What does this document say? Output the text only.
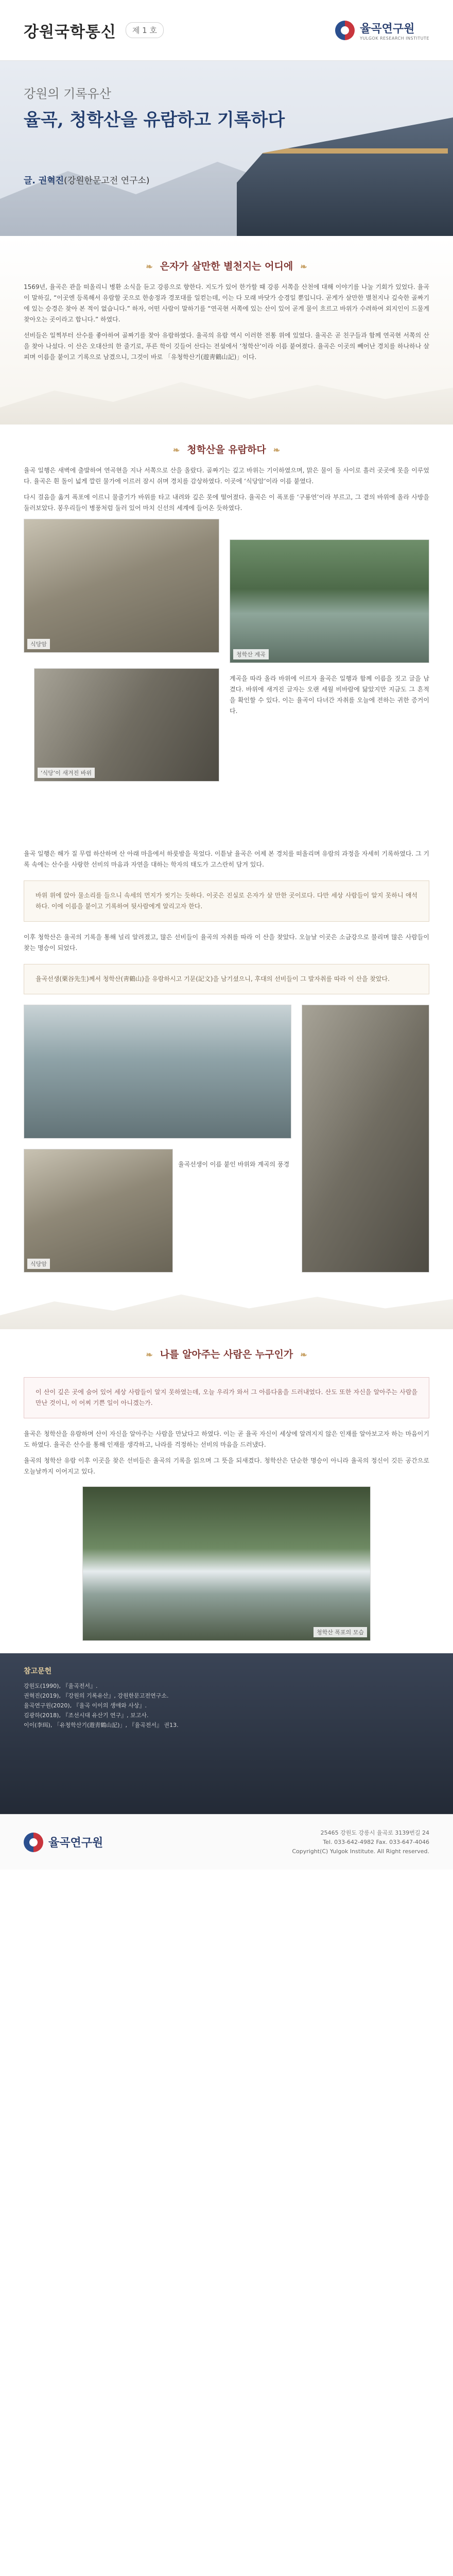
강원국학통신	제 1 호	율곡연구원
YULGOK RESEARCH INSTITUTE
강원의 기록유산
율곡, 청학산을 유람하고 기록하다
글. 권혁진(강원한문고전 연구소)
❧ 은자가 살만한 별천지는 어디에 ❧

1569년, 율곡은 관을 떠올리니 병환 소식을 듣고 강릉으로 향한다. 지도가 있어 한가할 때 강릉 서쪽을 산천에 대해 이야기를 나눌 기회가 있었다. 율곡이 말하길, “이곳엔 등록해서 유람할 곳으로 한송정과 경포대를 일컫는데, 이는 다 모래 바닷가 승경일 뿐입니다. 곧게가 살만한 별천지나 깊숙한 골짜기에 있는 승경은 찾아 본 적이 없습니다.” 하자, 어떤 사람이 말하기를 “연곡현 서쪽에 있는 산이 있어 곧게 물이 흐르고 바위가 수려하여 외지인이 드물게 찾아오는 곳이라고 합니다.” 하였다.

선비들은 일찍부터 산수를 좋아하여 골짜기를 찾아 유람하였다. 율곡의 유람 역시 이러한 전통 위에 있었다. 율곡은 곧 친구들과 함께 연곡현 서쪽의 산을 찾아 나섰다. 이 산은 오대산의 한 줄기로, 푸른 학이 깃들어 산다는 전설에서 ‘청학산’이라 이름 붙여졌다. 율곡은 이곳의 빼어난 경치를 하나하나 살피며 이름을 붙이고 기록으로 남겼으니, 그것이 바로 「유청학산기(遊靑鶴山記)」이다.

❧ 청학산을 유람하다 ❧

율곡 일행은 새벽에 출발하여 연곡현을 지나 서쪽으로 산을 올랐다. 골짜기는 깊고 바위는 기이하였으며, 맑은 물이 돌 사이로 흘러 곳곳에 못을 이루었다. 율곡은 흰 돌이 넓게 깔린 물가에 이르러 잠시 쉬며 경치를 감상하였다. 이곳에 ‘식당암’이라 이름 붙였다.

다시 걸음을 옮겨 폭포에 이르니 물줄기가 바위를 타고 내려와 깊은 못에 떨어졌다. 율곡은 이 폭포를 ‘구룡연’이라 부르고, 그 곁의 바위에 올라 사방을 둘러보았다. 봉우리들이 병풍처럼 둘러 있어 마치 신선의 세계에 들어온 듯하였다.

식당암
청학산 계곡
‘식당’이 새겨진 바위

계곡을 따라 올라 바위에 이르자 율곡은 일행과 함께 이름을 짓고 글을 남겼다. 바위에 새겨진 글자는 오랜 세월 비바람에 닳았지만 지금도 그 흔적을 확인할 수 있다. 이는 율곡이 다녀간 자취를 오늘에 전하는 귀한 증거이다.

율곡 일행은 해가 질 무렵 하산하며 산 아래 마을에서 하룻밤을 묵었다. 이튿날 율곡은 어제 본 경치를 떠올리며 유람의 과정을 자세히 기록하였다. 그 기록 속에는 산수를 사랑한 선비의 마음과 자연을 대하는 학자의 태도가 고스란히 담겨 있다.

바위 위에 앉아 물소리를 들으니 속세의 먼지가 씻기는 듯하다. 이곳은 진실로 은자가 살 만한 곳이로다. 다만 세상 사람들이 알지 못하니 애석하다. 이에 이름을 붙이고 기록하여 뒷사람에게 알리고자 한다.

이후 청학산은 율곡의 기록을 통해 널리 알려졌고, 많은 선비들이 율곡의 자취를 따라 이 산을 찾았다. 오늘날 이곳은 소금강으로 불리며 많은 사람들이 찾는 명승이 되었다.

율곡선생(栗谷先生)께서 청학산(靑鶴山)을 유람하시고 기문(記文)을 남기셨으니, 후대의 선비들이 그 발자취를 따라 이 산을 찾았다.

식당암

율곡선생이 이름 붙인 바위와 계곡의 풍경

❧ 나를 알아주는 사람은 누구인가 ❧

이 산이 깊은 곳에 숨어 있어 세상 사람들이 알지 못하였는데, 오늘 우리가 와서 그 아름다움을 드러내었다. 산도 또한 자신을 알아주는 사람을 만난 것이니, 이 어찌 기쁜 일이 아니겠는가.

율곡은 청학산을 유람하며 산이 자신을 알아주는 사람을 만났다고 하였다. 이는 곧 율곡 자신이 세상에 알려지지 않은 인재를 알아보고자 하는 마음이기도 하였다. 율곡은 산수를 통해 인재를 생각하고, 나라를 걱정하는 선비의 마음을 드러냈다.

율곡의 청학산 유람 이후 이곳을 찾은 선비들은 율곡의 기록을 읽으며 그 뜻을 되새겼다. 청학산은 단순한 명승이 아니라 율곡의 정신이 깃든 공간으로 오늘날까지 이어지고 있다.

청학산 폭포의 모습
참고문헌
강원도(1990), 『율곡전서』.
권혁진(2019), 『강원의 기록유산』, 강원한문고전연구소.
율곡연구원(2020), 『율곡 이이의 생애와 사상』.
김광하(2018), 『조선시대 유산기 연구』, 보고사.
이이(李珥), 「유청학산기(遊靑鶴山記)」, 『율곡전서』 권13.
율곡연구원
25465 강원도 강릉시 율곡로 3139번길 24
Tel. 033-642-4982 Fax. 033-647-4046
Copyright(C) Yulgok Institute. All Right reserved.
